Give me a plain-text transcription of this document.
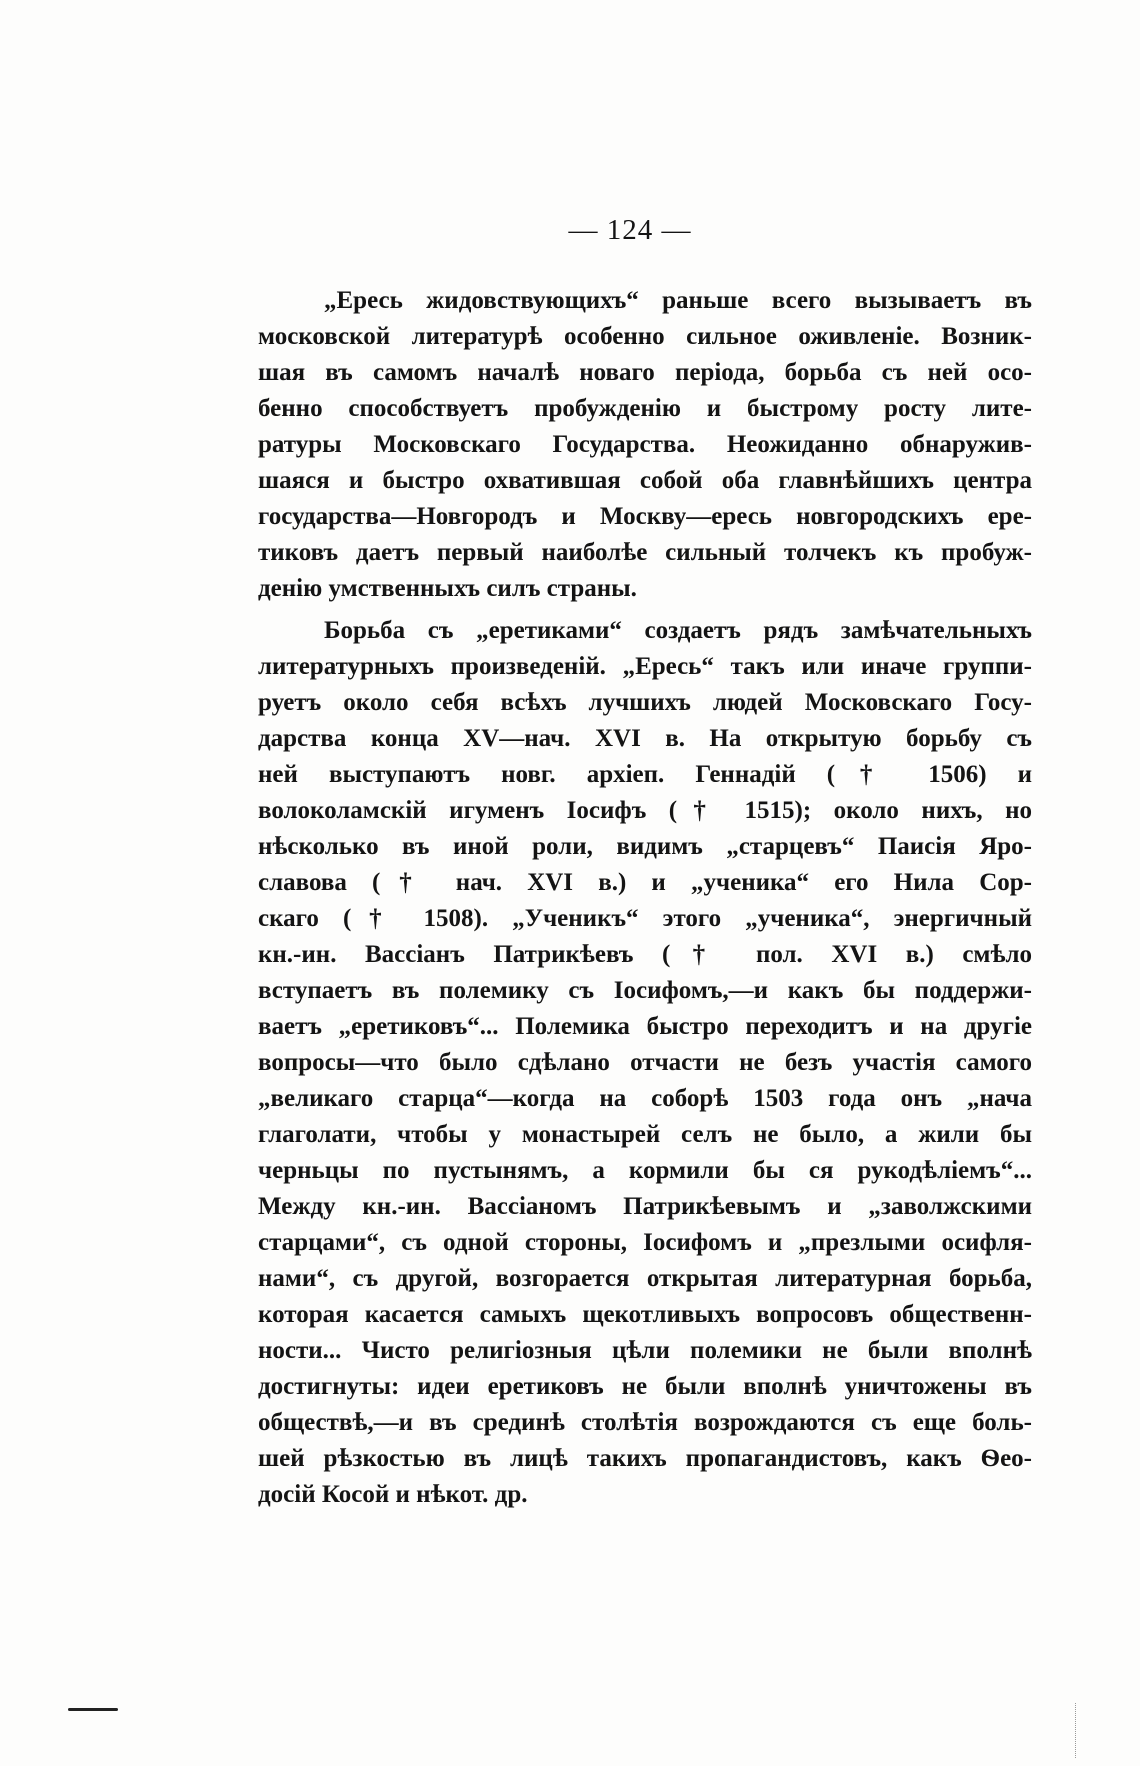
— 124 —
„Ересь жидовствующихъ“ раньше всего вызываетъ въ
московской литературѣ особенно сильное оживленіе. Возник-
шая въ самомъ началѣ новаго періода, борьба съ ней осо-
бенно способствуетъ пробужденію и быстрому росту лите-
ратуры Московскаго Государства. Неожиданно обнаружив-
шаяся и быстро охватившая собой оба главнѣйшихъ центра
государства—Новгородъ и Москву—ересь новгородскихъ ере-
тиковъ даетъ первый наиболѣе сильный толчекъ къ пробуж-
денію умственныхъ силъ страны.
Борьба съ „еретиками“ создаетъ рядъ замѣчательныхъ
литературныхъ произведеній. „Ересь“ такъ или иначе группи-
руетъ около себя всѣхъ лучшихъ людей Московскаго Госу-
дарства конца XV—нач. XVI в. На открытую борьбу съ
ней выступаютъ новг. архіеп. Геннадій († 1506) и
волоколамскій игуменъ Іосифъ († 1515); около нихъ, но
нѣсколько въ иной роли, видимъ „старцевъ“ Паисія Яро-
славова († нач. XVI в.) и „ученика“ его Нила Сор-
скаго († 1508). „Ученикъ“ этого „ученика“, энергичный
кн.-ин. Вассіанъ Патрикѣевъ († пол. XVI в.) смѣло
вступаетъ въ полемику съ Іосифомъ,—и какъ бы поддержи-
ваетъ „еретиковъ“... Полемика быстро переходитъ и на другіе
вопросы—что было сдѣлано отчасти не безъ участія самого
„великаго старца“—когда на соборѣ 1503 года онъ „нача
глаголати, чтобы у монастырей селъ не было, а жили бы
черньцы по пустынямъ, а кормили бы ся рукодѣліемъ“...
Между кн.-ин. Вассіаномъ Патрикѣевымъ и „заволжскими
старцами“, съ одной стороны, Іосифомъ и „презлыми осифля-
нами“, съ другой, возгорается открытая литературная борьба,
которая касается самыхъ щекотливыхъ вопросовъ общественн-
ности... Чисто религіозныя цѣли полемики не были вполнѣ
достигнуты: идеи еретиковъ не были вполнѣ уничтожены въ
обществѣ,—и въ срединѣ столѣтія возрождаются съ еще боль-
шей рѣзкостью въ лицѣ такихъ пропагандистовъ, какъ Ѳео-
досій Косой и нѣкот. др.
